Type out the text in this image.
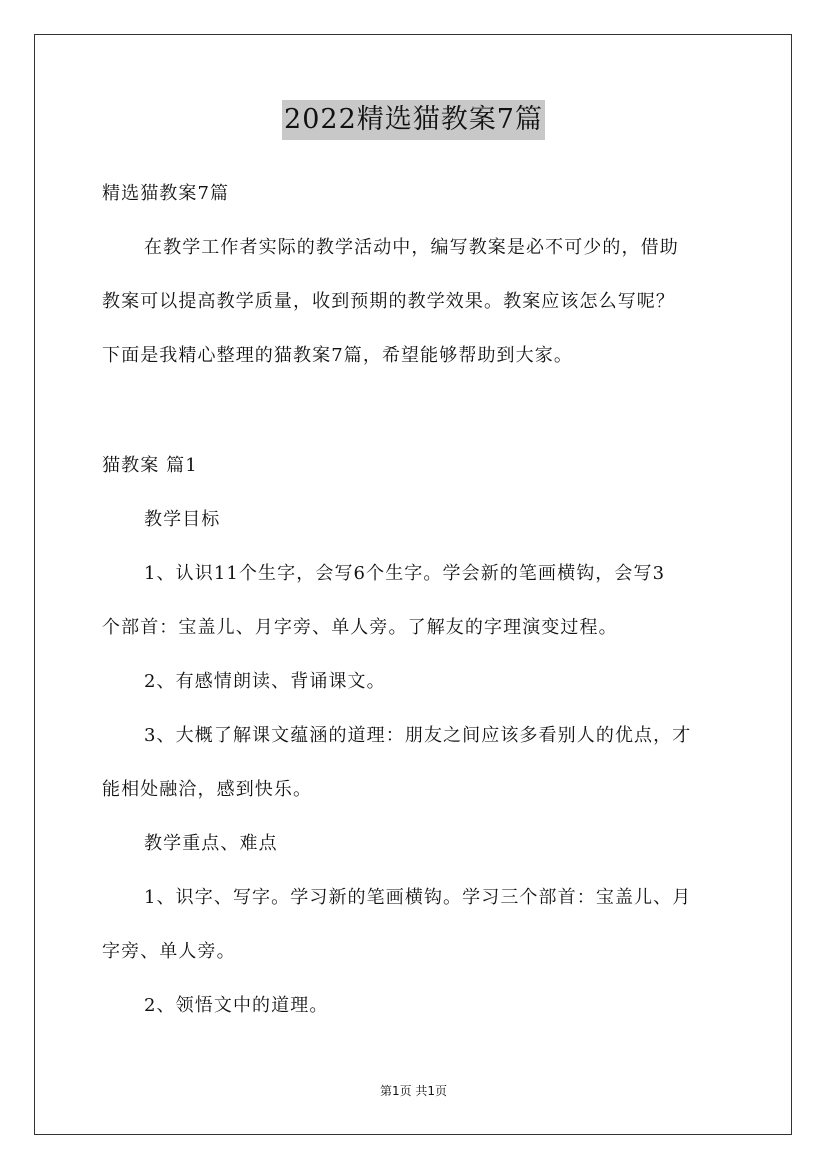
2022精选猫教案7篇
精选猫教案7篇
在教学工作者实际的教学活动中，编写教案是必不可少的，借助
教案可以提高教学质量，收到预期的教学效果。教案应该怎么写呢？
下面是我精心整理的猫教案7篇，希望能够帮助到大家。
猫教案 篇1
教学目标
1、认识11个生字，会写6个生字。学会新的笔画横钩，会写3
个部首：宝盖儿、月字旁、单人旁。了解友的字理演变过程。
2、有感情朗读、背诵课文。
3、大概了解课文蕴涵的道理：朋友之间应该多看别人的优点，才
能相处融洽，感到快乐。
教学重点、难点
1、识字、写字。学习新的笔画横钩。学习三个部首：宝盖儿、月
字旁、单人旁。
2、领悟文中的道理。
第1页 共1页
